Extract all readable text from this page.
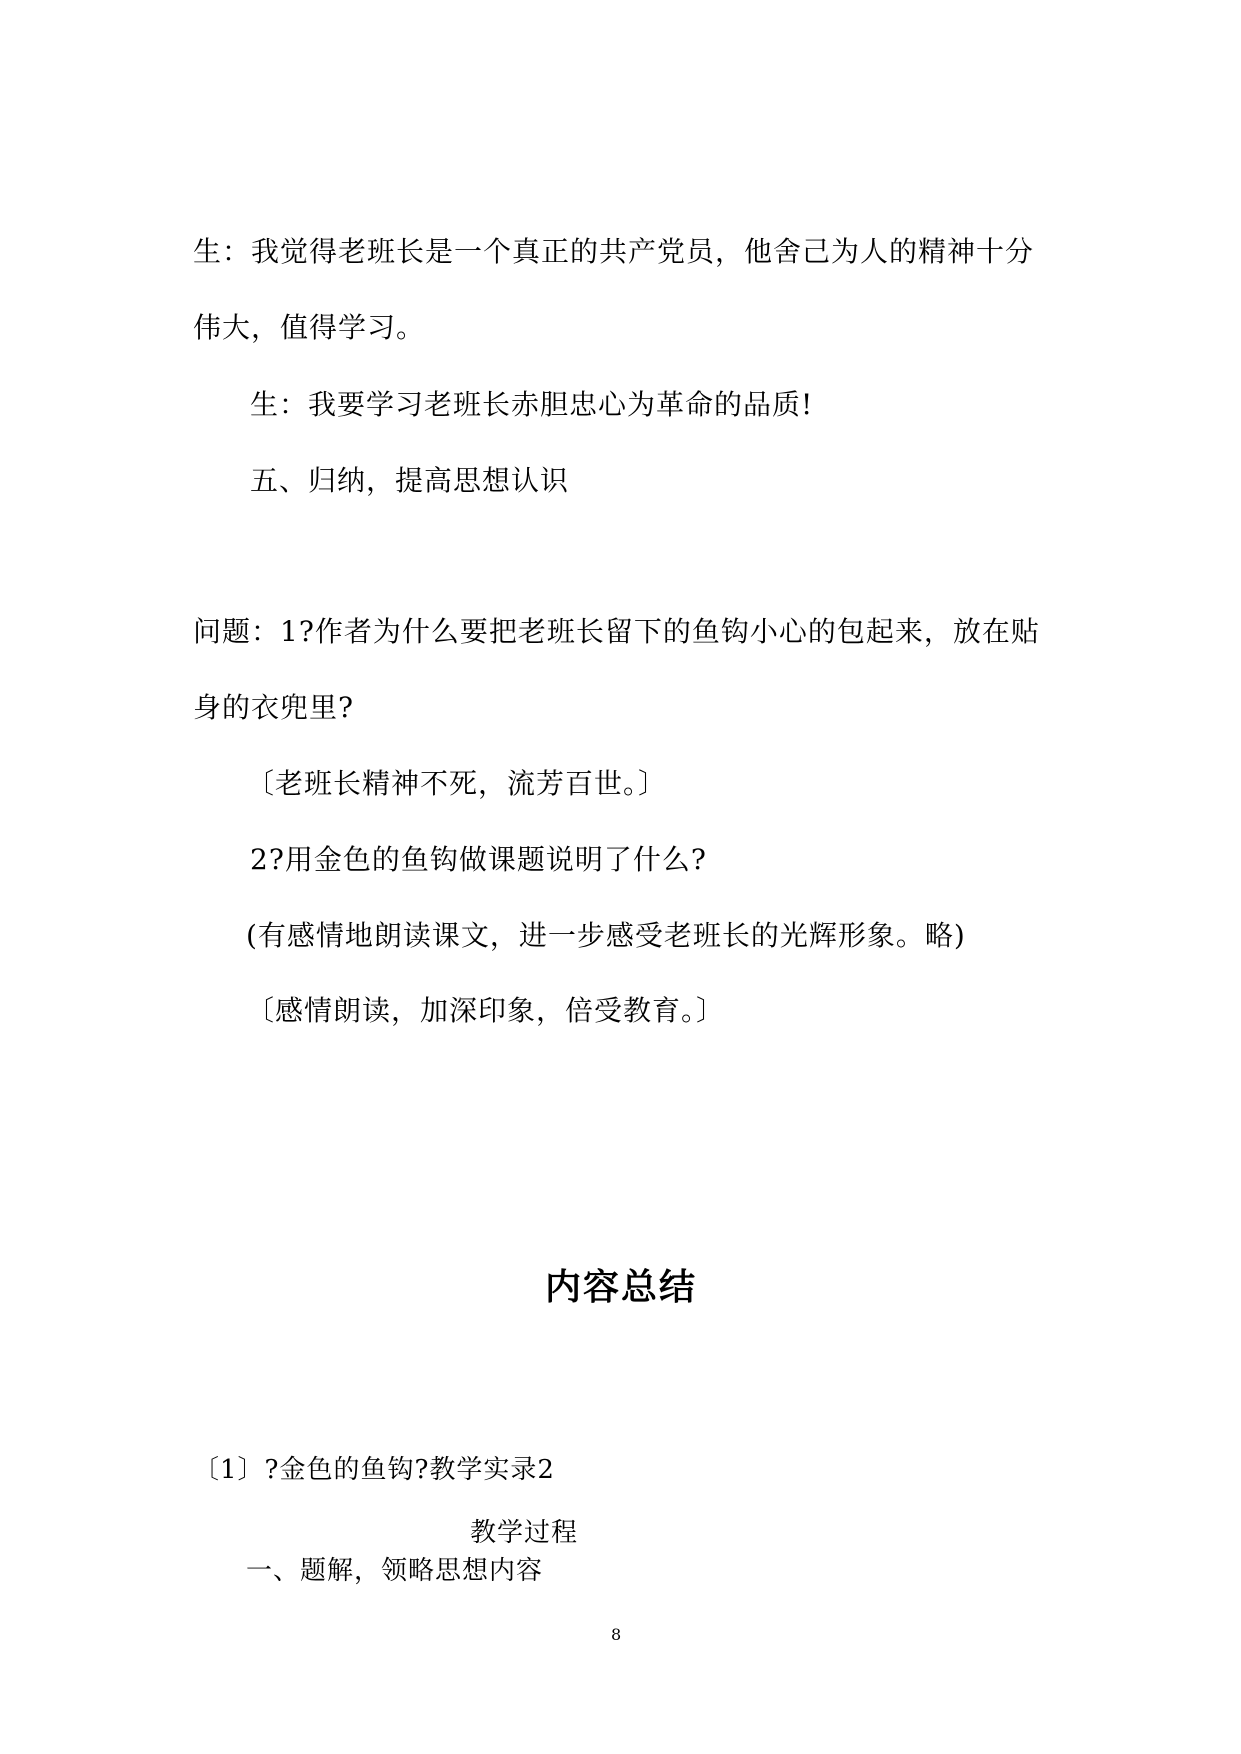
生：我觉得老班长是一个真正的共产党员，他舍己为人的精神十分
伟大，值得学习。
生：我要学习老班长赤胆忠心为革命的品质!
五、归纳，提高思想认识
问题：1?作者为什么要把老班长留下的鱼钩小心的包起来，放在贴
身的衣兜里?
〔老班长精神不死，流芳百世。〕
2?用金色的鱼钩做课题说明了什么?
(有感情地朗读课文，进一步感受老班长的光辉形象。略)
〔感情朗读，加深印象，倍受教育。〕
内容总结
〔1〕?金色的鱼钩?教学实录2
教学过程
一、题解，领略思想内容
8
